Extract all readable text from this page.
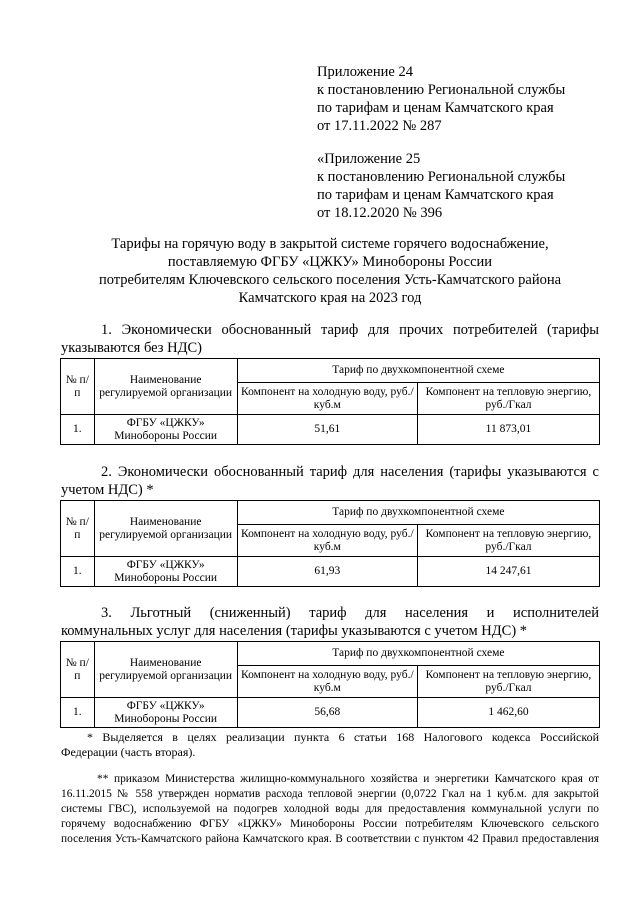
Приложение 24
к постановлению Региональной службы
по тарифам и ценам Камчатского края
от 17.11.2022 № 287
«Приложение 25
к постановлению Региональной службы
по тарифам и ценам Камчатского края
от 18.12.2020 № 396
Тарифы на горячую воду в закрытой системе горячего водоснабжение,
поставляемую ФГБУ «ЦЖКУ» Минобороны России
потребителям Ключевского сельского поселения Усть-Камчатского района
Камчатского края на 2023 год
1. Экономически обоснованный тариф для прочих потребителей (тарифы
указываются без НДС)
№ п/п	Наименование регулируемой организации	Тариф по двухкомпонентной схеме	
		Компонент на холодную воду, руб./куб.м	Компонент на тепловую энергию, руб./Гкал
1.	ФГБУ «ЦЖКУ» Минобороны России	51,61	11 873,01
2. Экономически обоснованный тариф для населения (тарифы указываются с
учетом НДС) *
№ п/п	Наименование регулируемой организации	Тариф по двухкомпонентной схеме	
		Компонент на холодную воду, руб./куб.м	Компонент на тепловую энергию, руб./Гкал
1.	ФГБУ «ЦЖКУ» Минобороны России	61,93	14 247,61
3. Льготный (сниженный) тариф для населения и исполнителей
коммунальных услуг для населения (тарифы указываются с учетом НДС) *
№ п/п	Наименование регулируемой организации	Тариф по двухкомпонентной схеме	
		Компонент на холодную воду, руб./куб.м	Компонент на тепловую энергию, руб./Гкал
1.	ФГБУ «ЦЖКУ» Минобороны России	56,68	1 462,60
* Выделяется в целях реализации пункта 6 статьи 168 Налогового кодекса Российской
Федерации (часть вторая).
** приказом Министерства жилищно-коммунального хозяйства и энергетики Камчатского края от
16.11.2015 № 558 утвержден норматив расхода тепловой энергии (0,0722 Гкал на 1 куб.м. для закрытой
системы ГВС), используемой на подогрев холодной воды для предоставления коммунальной услуги по
горячему водоснабжению ФГБУ «ЦЖКУ» Минобороны России потребителям Ключевского сельского
поселения Усть-Камчатского района Камчатского края. В соответствии с пунктом 42 Правил предоставления
